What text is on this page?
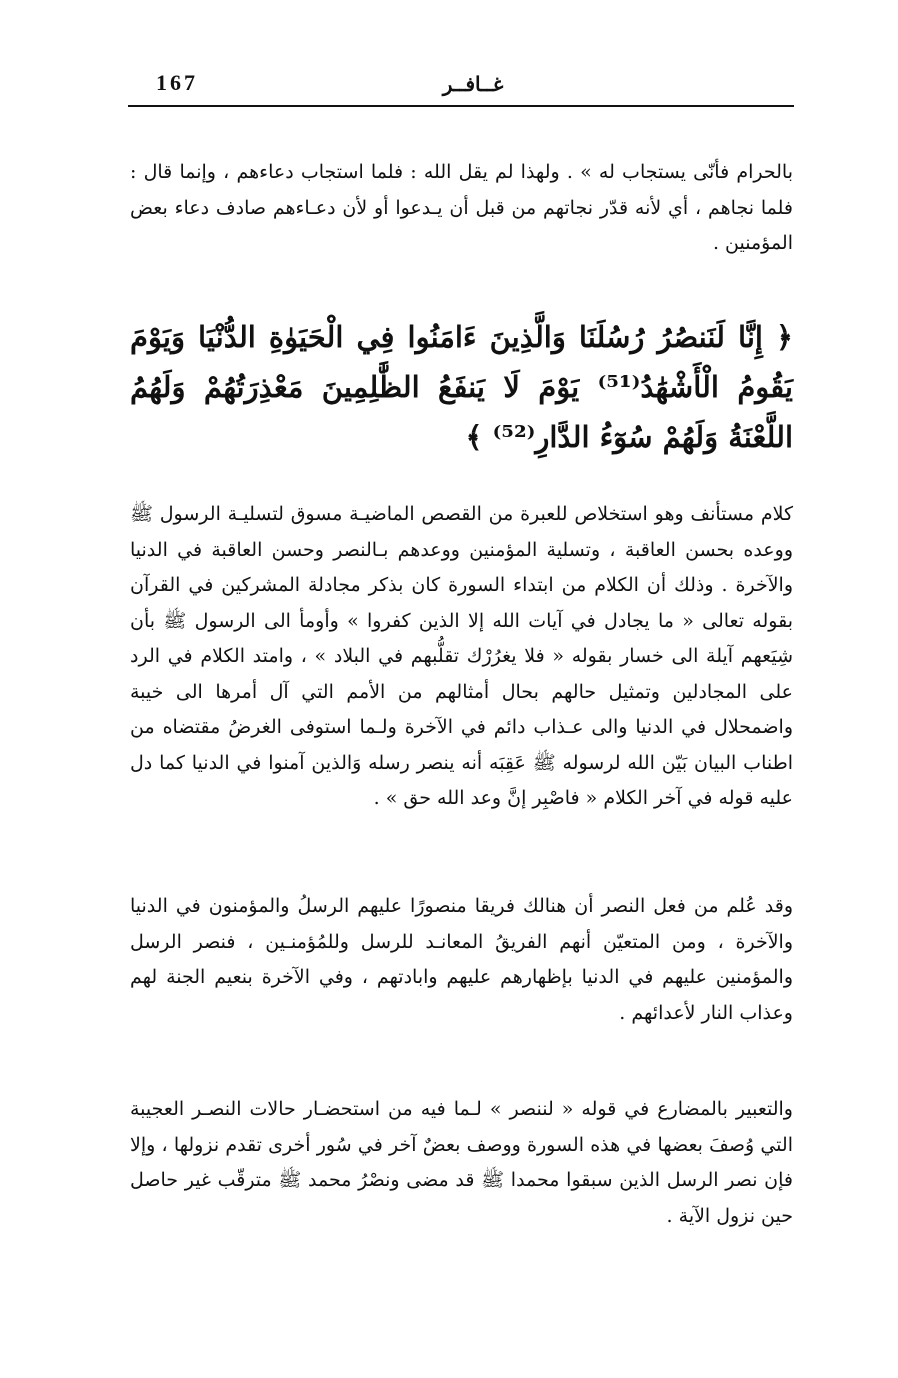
167	غــافــر

بالحرام فأنّى يستجاب له » . ولهذا لم يقل الله : فلما استجاب دعاءهم ، وإنما قال : فلما نجاهم ، أي لأنه قدّر نجاتهم من قبل أن يـدعوا أو لأن دعـاءهم صادف دعاء بعض المؤمنين .

﴿ إِنَّا لَنَنصُرُ رُسُلَنَا وَالَّذِينَ ءَامَنُوا فِي الْحَيَوٰةِ الدُّنْيَا وَيَوْمَ يَقُومُ الْأَشْهَٰدُ⁽⁵¹⁾ يَوْمَ لَا يَنفَعُ الظَّٰلِمِينَ مَعْذِرَتُهُمْ وَلَهُمُ اللَّعْنَةُ وَلَهُمْ سُوٓءُ الدَّارِ⁽⁵²⁾ ﴾

كلام مستأنف وهو استخلاص للعبرة من القصص الماضيـة مسوق لتسليـة الرسول ﷺ ووعده بحسن العاقبة ، وتسلية المؤمنين ووعدهم بـالنصر وحسن العاقبة في الدنيا والآخرة . وذلك أن الكلام من ابتداء السورة كان بذكر مجادلة المشركين في القرآن بقوله تعالى « ما يجادل في آيات الله إلا الذين كفروا » وأومأ الى الرسول ﷺ بأن شِيَعهم آيلة الى خسار بقوله « فلا يغرُرْك تقلُّبهم في البلاد » ، وامتد الكلام في الرد على المجادلين وتمثيل حالهم بحال أمثالهم من الأمم التي آل أمرها الى خيبة واضمحلال في الدنيا والى عـذاب دائم في الآخرة ولـما استوفى الغرضُ مقتضاه من اطناب البيان بَيّن الله لرسوله ﷺ عَقِبَه أنه ينصر رسله وَالذين آمنوا في الدنيا كما دل عليه قوله في آخر الكلام « فاصْبِر إنَّ وعد الله حق » .

وقد عُلم من فعل النصر أن هنالك فريقا منصورًا عليهم الرسلُ والمؤمنون في الدنيا والآخرة ، ومن المتعيّن أنهم الفريقُ المعانـد للرسل وللمُؤمنـين ، فنصر الرسل والمؤمنين عليهم في الدنيا بإظهارهم عليهم وابادتهم ، وفي الآخرة بنعيم الجنة لهم وعذاب النار لأعدائهم .

والتعبير بالمضارع في قوله « لننصر » لـما فيه من استحضـار حالات النصـر العجيبة التي وُصفَ بعضها في هذه السورة ووصف بعضٌ آخر في سُور أخرى تقدم نزولها ، وإلا فإن نصر الرسل الذين سبقوا محمدا ﷺ قد مضى ونصْرُ محمد ﷺ مترقّب غير حاصل حين نزول الآية .
